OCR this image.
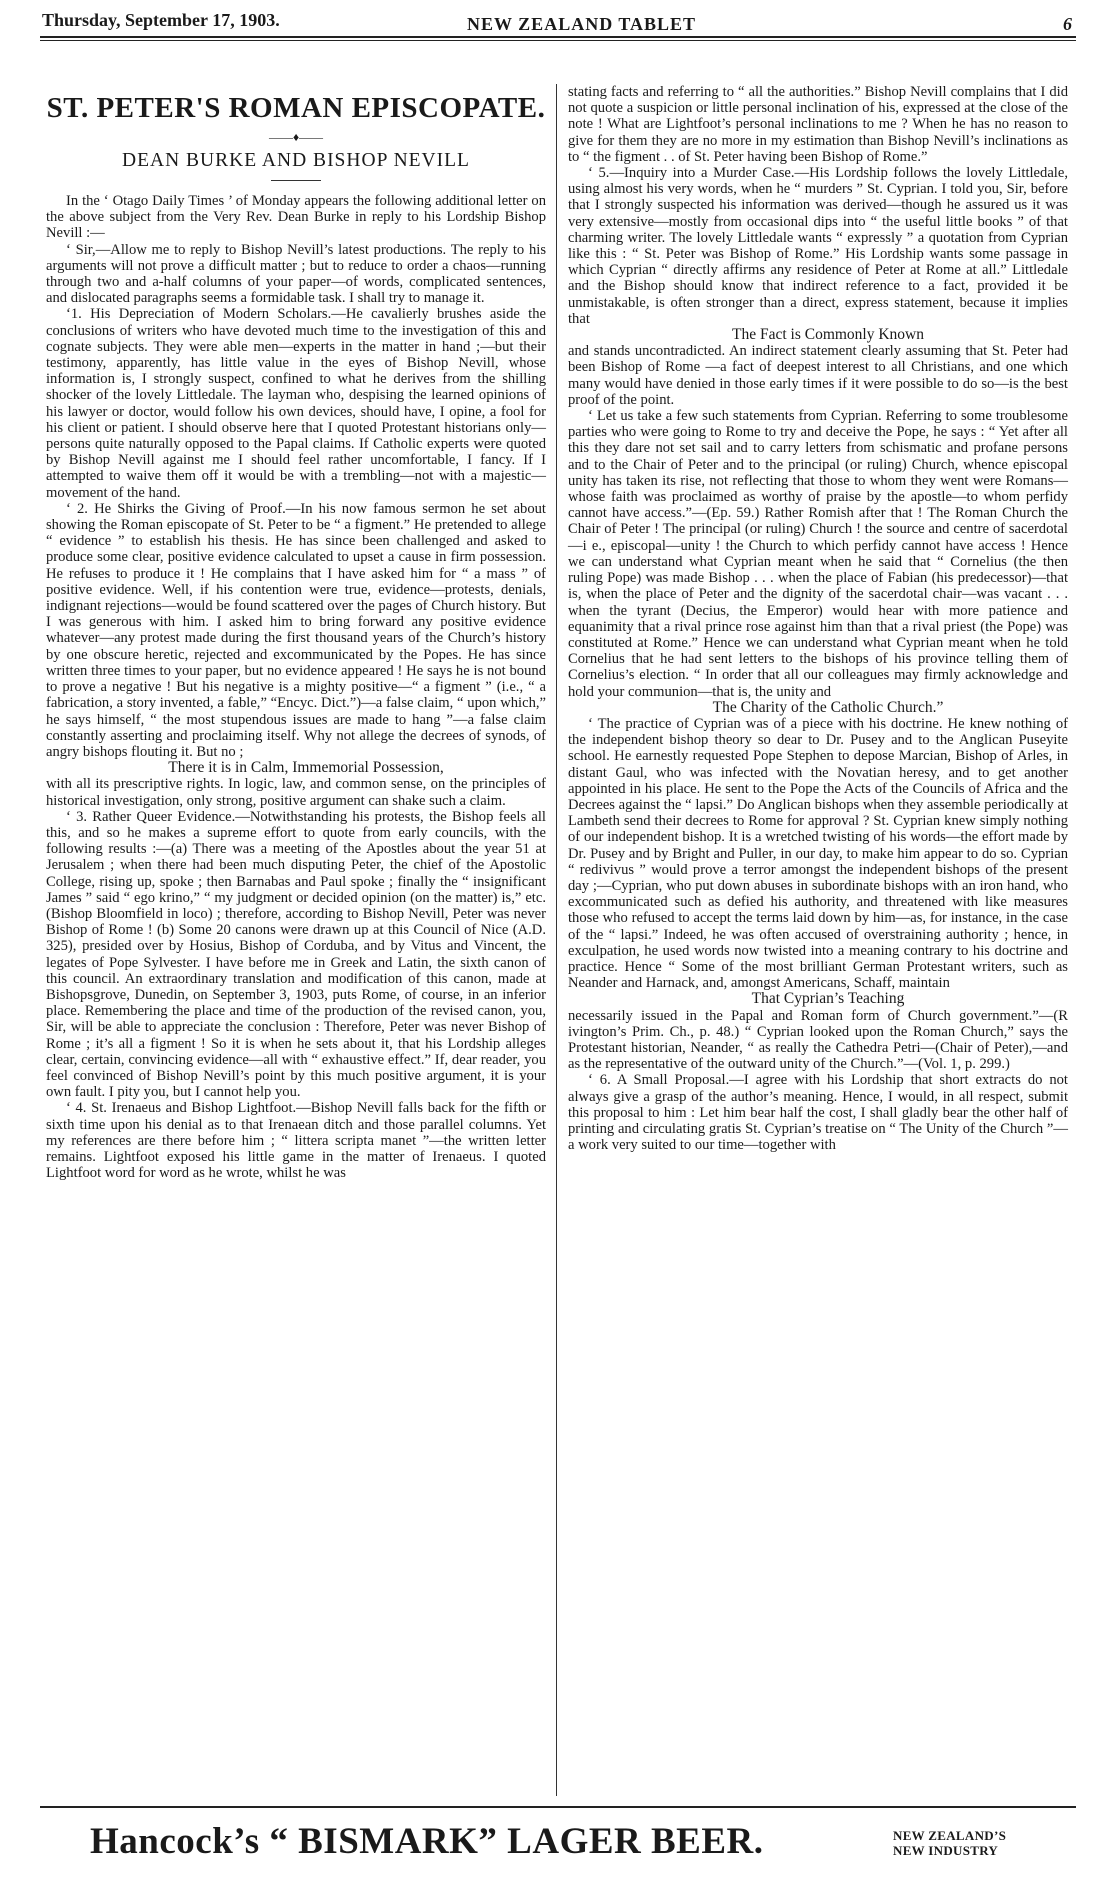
Thursday, September 17, 1903.	NEW ZEALAND TABLET	6
ST. PETER'S ROMAN EPISCOPATE.
——♦——
DEAN BURKE AND BISHOP NEVILL

In the ‘ Otago Daily Times ’ of Monday appears the following additional letter on the above subject from the Very Rev. Dean Burke in reply to his Lordship Bishop Nevill :—

‘ Sir,—Allow me to reply to Bishop Nevill’s latest productions. The reply to his arguments will not prove a difficult matter ; but to reduce to order a chaos—running through two and a-half columns of your paper—of words, complicated sentences, and dislocated paragraphs seems a formidable task. I shall try to manage it.

‘1. His Depreciation of Modern Scholars.—He cavalierly brushes aside the conclusions of writers who have devoted much time to the investigation of this and cognate subjects. They were able men—experts in the matter in hand ;—but their testimony, apparently, has little value in the eyes of Bishop Nevill, whose information is, I strongly suspect, confined to what he derives from the shilling shocker of the lovely Littledale. The layman who, despising the learned opinions of his lawyer or doctor, would follow his own devices, should have, I opine, a fool for his client or patient. I should observe here that I quoted Protestant historians only—persons quite naturally opposed to the Papal claims. If Catholic experts were quoted by Bishop Nevill against me I should feel rather uncomfortable, I fancy. If I attempted to waive them off it would be with a trembling—not with a majestic—movement of the hand.

‘ 2. He Shirks the Giving of Proof.—In his now famous sermon he set about showing the Roman episcopate of St. Peter to be “ a figment.” He pretended to allege “ evidence ” to establish his thesis. He has since been challenged and asked to produce some clear, positive evidence calculated to upset a cause in firm possession. He refuses to produce it ! He complains that I have asked him for “ a mass ” of positive evidence. Well, if his contention were true, evidence—protests, denials, indignant rejections—would be found scattered over the pages of Church history. But I was generous with him. I asked him to bring forward any positive evidence whatever—any protest made during the first thousand years of the Church’s history by one obscure heretic, rejected and excommunicated by the Popes. He has since written three times to your paper, but no evidence appeared ! He says he is not bound to prove a negative ! But his negative is a mighty positive—“ a figment ” (i.e., “ a fabrication, a story invented, a fable,” “Encyc. Dict.”)—a false claim, “ upon which,” he says himself, “ the most stupendous issues are made to hang ”—a false claim constantly asserting and proclaiming itself. Why not allege the decrees of synods, of angry bishops flouting it. But no ;

There it is in Calm, Immemorial Possession,

with all its prescriptive rights. In logic, law, and common sense, on the principles of historical investigation, only strong, positive argument can shake such a claim.

‘ 3. Rather Queer Evidence.—Notwithstanding his protests, the Bishop feels all this, and so he makes a supreme effort to quote from early councils, with the following results :—(a) There was a meeting of the Apostles about the year 51 at Jerusalem ; when there had been much disputing Peter, the chief of the Apostolic College, rising up, spoke ; then Barnabas and Paul spoke ; finally the “ insignificant James ” said “ ego krino,” “ my judgment or decided opinion (on the matter) is,” etc. (Bishop Bloomfield in loco) ; therefore, according to Bishop Nevill, Peter was never Bishop of Rome ! (b) Some 20 canons were drawn up at this Council of Nice (A.D. 325), presided over by Hosius, Bishop of Corduba, and by Vitus and Vincent, the legates of Pope Sylvester. I have before me in Greek and Latin, the sixth canon of this council. An extraordinary translation and modification of this canon, made at Bishopsgrove, Dunedin, on September 3, 1903, puts Rome, of course, in an inferior place. Remembering the place and time of the production of the revised canon, you, Sir, will be able to appreciate the conclusion : Therefore, Peter was never Bishop of Rome ; it’s all a figment ! So it is when he sets about it, that his Lordship alleges clear, certain, convincing evidence—all with “ exhaustive effect.” If, dear reader, you feel convinced of Bishop Nevill’s point by this much positive argument, it is your own fault. I pity you, but I cannot help you.

‘ 4. St. Irenaeus and Bishop Lightfoot.—Bishop Nevill falls back for the fifth or sixth time upon his denial as to that Irenaean ditch and those parallel columns. Yet my references are there before him ; “ littera scripta manet ”—the written letter remains. Lightfoot exposed his little game in the matter of Irenaeus. I quoted Lightfoot word for word as he wrote, whilst he was

stating facts and referring to “ all the authorities.” Bishop Nevill complains that I did not quote a suspicion or little personal inclination of his, expressed at the close of the note ! What are Lightfoot’s personal inclinations to me ? When he has no reason to give for them they are no more in my estimation than Bishop Nevill’s inclinations as to “ the figment . . of St. Peter having been Bishop of Rome.”

‘ 5.—Inquiry into a Murder Case.—His Lordship follows the lovely Littledale, using almost his very words, when he “ murders ” St. Cyprian. I told you, Sir, before that I strongly suspected his information was derived—though he assured us it was very extensive—mostly from occasional dips into “ the useful little books ” of that charming writer. The lovely Littledale wants “ expressly ” a quotation from Cyprian like this : “ St. Peter was Bishop of Rome.” His Lordship wants some passage in which Cyprian “ directly affirms any residence of Peter at Rome at all.” Littledale and the Bishop should know that indirect reference to a fact, provided it be unmistakable, is often stronger than a direct, express statement, because it implies that

The Fact is Commonly Known

and stands uncontradicted. An indirect statement clearly assuming that St. Peter had been Bishop of Rome —a fact of deepest interest to all Christians, and one which many would have denied in those early times if it were possible to do so—is the best proof of the point.

‘ Let us take a few such statements from Cyprian. Referring to some troublesome parties who were going to Rome to try and deceive the Pope, he says : “ Yet after all this they dare not set sail and to carry letters from schismatic and profane persons and to the Chair of Peter and to the principal (or ruling) Church, whence episcopal unity has taken its rise, not reflecting that those to whom they went were Romans—whose faith was proclaimed as worthy of praise by the apostle—to whom perfidy cannot have access.”—(Ep. 59.) Rather Romish after that ! The Roman Church the Chair of Peter ! The principal (or ruling) Church ! the source and centre of sacerdotal—i e., episcopal—unity ! the Church to which perfidy cannot have access ! Hence we can understand what Cyprian meant when he said that “ Cornelius (the then ruling Pope) was made Bishop . . . when the place of Fabian (his predecessor)—that is, when the place of Peter and the dignity of the sacerdotal chair—was vacant . . . when the tyrant (Decius, the Emperor) would hear with more patience and equanimity that a rival prince rose against him than that a rival priest (the Pope) was constituted at Rome.” Hence we can understand what Cyprian meant when he told Cornelius that he had sent letters to the bishops of his province telling them of Cornelius’s election. “ In order that all our colleagues may firmly acknowledge and hold your communion—that is, the unity and

The Charity of the Catholic Church.”

‘ The practice of Cyprian was of a piece with his doctrine. He knew nothing of the independent bishop theory so dear to Dr. Pusey and to the Anglican Puseyite school. He earnestly requested Pope Stephen to depose Marcian, Bishop of Arles, in distant Gaul, who was infected with the Novatian heresy, and to get another appointed in his place. He sent to the Pope the Acts of the Councils of Africa and the Decrees against the “ lapsi.” Do Anglican bishops when they assemble periodically at Lambeth send their decrees to Rome for approval ? St. Cyprian knew simply nothing of our independent bishop. It is a wretched twisting of his words—the effort made by Dr. Pusey and by Bright and Puller, in our day, to make him appear to do so. Cyprian “ redivivus ” would prove a terror amongst the independent bishops of the present day ;—Cyprian, who put down abuses in subordinate bishops with an iron hand, who excommunicated such as defied his authority, and threatened with like measures those who refused to accept the terms laid down by him—as, for instance, in the case of the “ lapsi.” Indeed, he was often accused of overstraining authority ; hence, in exculpation, he used words now twisted into a meaning contrary to his doctrine and practice. Hence “ Some of the most brilliant German Protestant writers, such as Neander and Harnack, and, amongst Americans, Schaff, maintain

That Cyprian’s Teaching

necessarily issued in the Papal and Roman form of Church government.”—(R ivington’s Prim. Ch., p. 48.) “ Cyprian looked upon the Roman Church,” says the Protestant historian, Neander, “ as really the Cathedra Petri—(Chair of Peter),—and as the representative of the outward unity of the Church.”—(Vol. 1, p. 299.)

‘ 6. A Small Proposal.—I agree with his Lordship that short extracts do not always give a grasp of the author’s meaning. Hence, I would, in all respect, submit this proposal to him : Let him bear half the cost, I shall gladly bear the other half of printing and circulating gratis St. Cyprian’s treatise on “ The Unity of the Church ”—a work very suited to our time—together with

Hancock’s “ BISMARK” LAGER BEER.	NEW ZEALAND’S
NEW INDUSTRY
